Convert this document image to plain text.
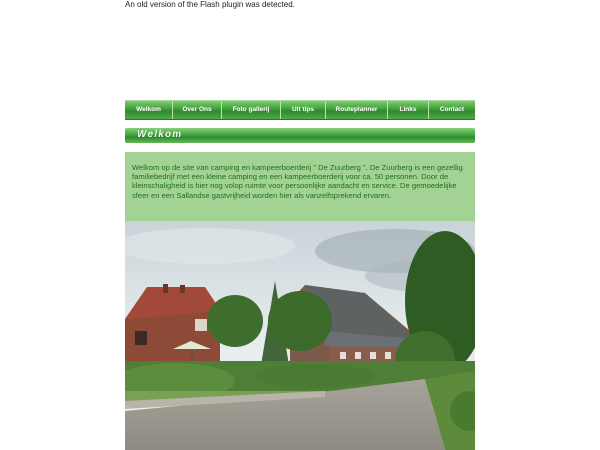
An old version of the Flash plugin was detected.
Welkom	Over Ons	Foto gallerij	Uit tips	Routeplanner	Links	Contact
Welkom
Welkom op de site van camping en kampeerboerderij " De Zuurberg ". De Zuurberg is een gezellig familiebedrijf met een kleine camping en een kampeerboerderij voor ca. 50 personen. Door de kleinschaligheid is hier nog volop ruimte voor persoonlijke aandacht en service. De gemoedelijke sfeer en een Sallandse gastvrijheid worden hier als vanzelfsprekend ervaren.
